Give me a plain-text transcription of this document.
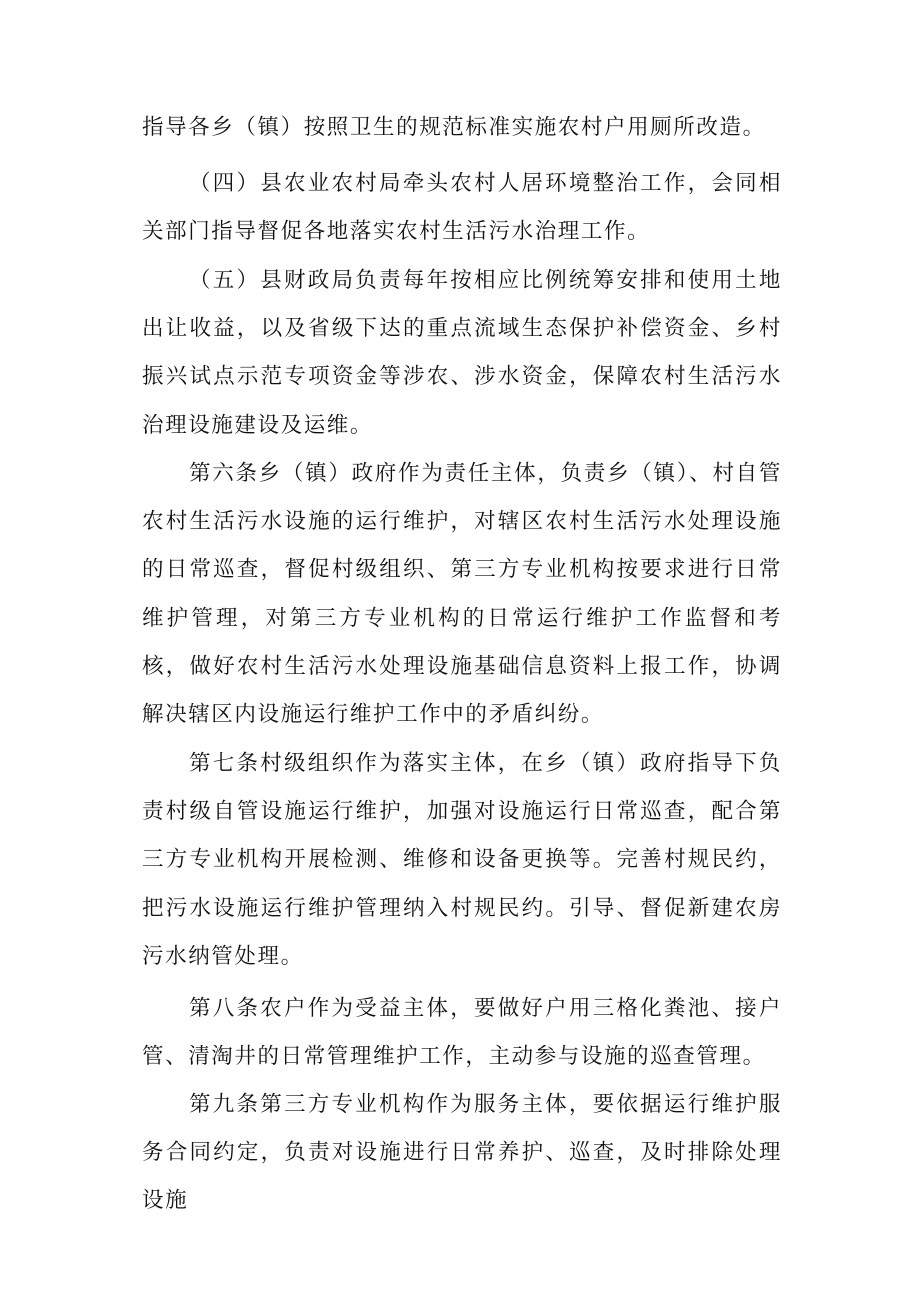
指导各乡（镇）按照卫生的规范标准实施农村户用厕所改造。

（四）县农业农村局牵头农村人居环境整治工作，会同相关部门指导督促各地落实农村生活污水治理工作。

（五）县财政局负责每年按相应比例统筹安排和使用土地出让收益，以及省级下达的重点流域生态保护补偿资金、乡村振兴试点示范专项资金等涉农、涉水资金，保障农村生活污水治理设施建设及运维。

第六条乡（镇）政府作为责任主体，负责乡（镇）、村自管农村生活污水设施的运行维护，对辖区农村生活污水处理设施的日常巡查，督促村级组织、第三方专业机构按要求进行日常维护管理，对第三方专业机构的日常运行维护工作监督和考核，做好农村生活污水处理设施基础信息资料上报工作，协调解决辖区内设施运行维护工作中的矛盾纠纷。

第七条村级组织作为落实主体，在乡（镇）政府指导下负责村级自管设施运行维护，加强对设施运行日常巡查，配合第三方专业机构开展检测、维修和设备更换等。完善村规民约，把污水设施运行维护管理纳入村规民约。引导、督促新建农房污水纳管处理。

第八条农户作为受益主体，要做好户用三格化粪池、接户管、清淘井的日常管理维护工作，主动参与设施的巡查管理。

第九条第三方专业机构作为服务主体，要依据运行维护服务合同约定，负责对设施进行日常养护、巡查，及时排除处理设施
